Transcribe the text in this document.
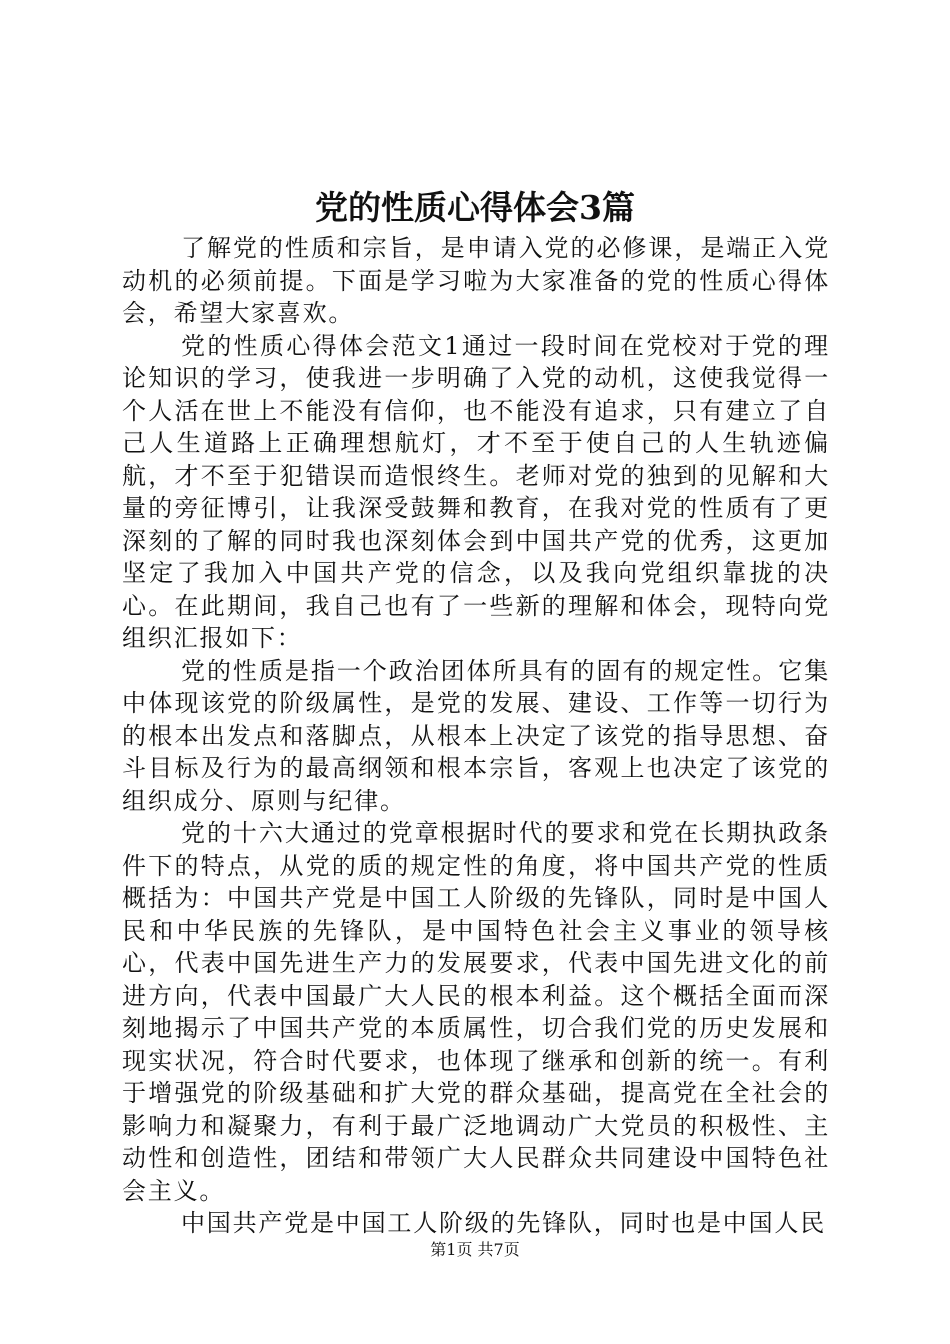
党的性质心得体会3篇

了解党的性质和宗旨，是申请入党的必修课，是端正入党动机的必须前提。下面是学习啦为大家准备的党的性质心得体会，希望大家喜欢。

党的性质心得体会范文1通过一段时间在党校对于党的理论知识的学习，使我进一步明确了入党的动机，这使我觉得一个人活在世上不能没有信仰，也不能没有追求，只有建立了自己人生道路上正确理想航灯，才不至于使自己的人生轨迹偏航，才不至于犯错误而造恨终生。老师对党的独到的见解和大量的旁征博引，让我深受鼓舞和教育，在我对党的性质有了更深刻的了解的同时我也深刻体会到中国共产党的优秀，这更加坚定了我加入中国共产党的信念，以及我向党组织靠拢的决心。在此期间，我自己也有了一些新的理解和体会，现特向党组织汇报如下：

党的性质是指一个政治团体所具有的固有的规定性。它集中体现该党的阶级属性，是党的发展、建设、工作等一切行为的根本出发点和落脚点，从根本上决定了该党的指导思想、奋斗目标及行为的最高纲领和根本宗旨，客观上也决定了该党的组织成分、原则与纪律。

党的十六大通过的党章根据时代的要求和党在长期执政条件下的特点，从党的质的规定性的角度，将中国共产党的性质概括为：中国共产党是中国工人阶级的先锋队，同时是中国人民和中华民族的先锋队，是中国特色社会主义事业的领导核心，代表中国先进生产力的发展要求，代表中国先进文化的前进方向，代表中国最广大人民的根本利益。这个概括全面而深刻地揭示了中国共产党的本质属性，切合我们党的历史发展和现实状况，符合时代要求，也体现了继承和创新的统一。有利于增强党的阶级基础和扩大党的群众基础，提高党在全社会的影响力和凝聚力，有利于最广泛地调动广大党员的积极性、主动性和创造性，团结和带领广大人民群众共同建设中国特色社会主义。

中国共产党是中国工人阶级的先锋队，同时也是中国人民

第1页 共7页
